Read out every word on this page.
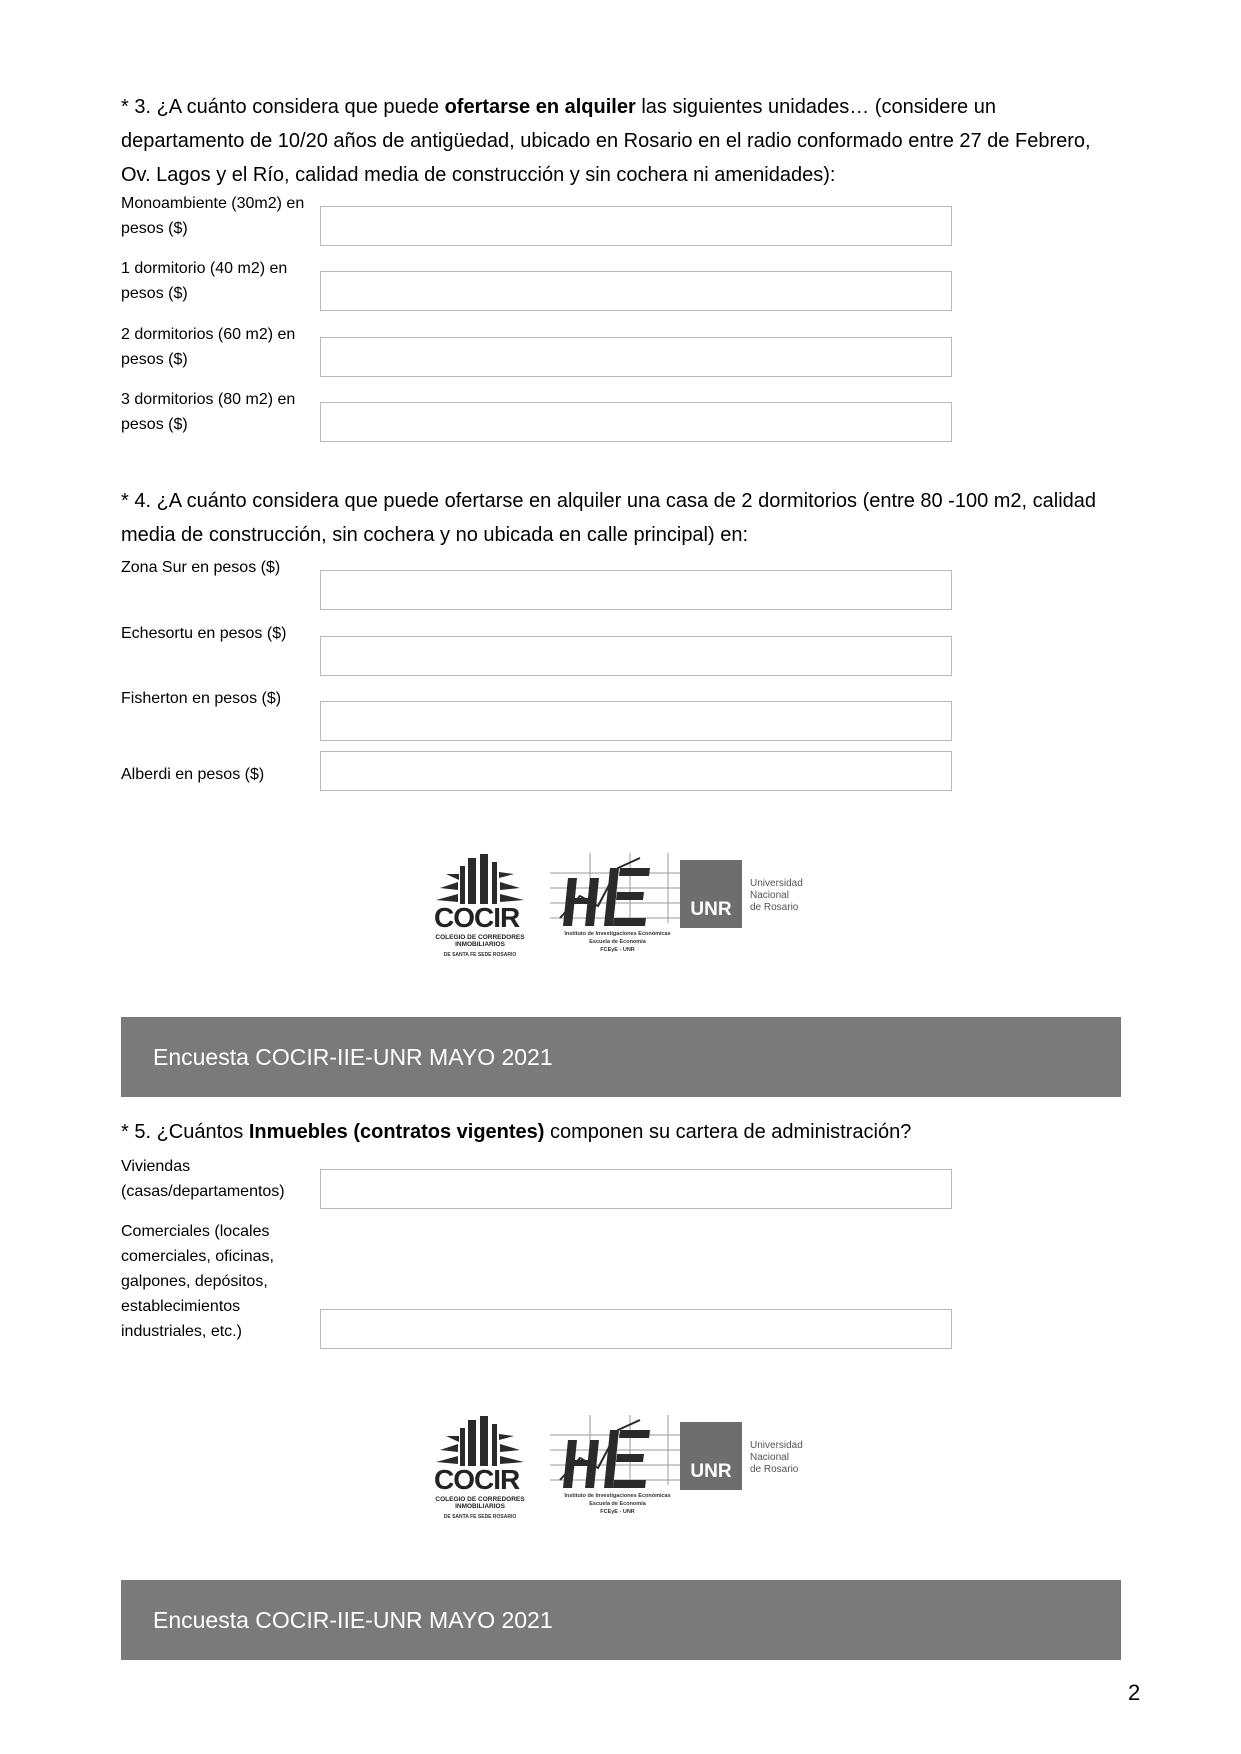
* 3. ¿A cuánto considera que puede ofertarse en alquiler las siguientes unidades… (considere un departamento de 10/20 años de antigüedad, ubicado en Rosario en el radio conformado entre 27 de Febrero, Ov. Lagos y el Río, calidad media de construcción y sin cochera ni amenidades):

Monoambiente (30m2) en pesos ($)
1 dormitorio (40 m2) en pesos ($)
2 dormitorios (60 m2) en pesos ($)
3 dormitorios (80 m2) en pesos ($)

* 4. ¿A cuánto considera que puede ofertarse en alquiler una casa de 2 dormitorios (entre 80 -100 m2, calidad media de construcción, sin cochera y no ubicada en calle principal) en:

Zona Sur en pesos ($)
Echesortu en pesos ($)
Fisherton en pesos ($)
Alberdi en pesos ($)
COCIR
COLEGIO DE CORREDORES
INMOBILIARIOS
DE SANTA FE SEDE ROSARIO
Instituto de Investigaciones Económicas
Escuela de Economía
FCEyE - UNR
UNR
Universidad
Nacional
de Rosario
Encuesta COCIR-IIE-UNR MAYO 2021

* 5. ¿Cuántos Inmuebles (contratos vigentes) componen su cartera de administración?

Viviendas (casas/departamentos)
Comerciales (locales comerciales, oficinas, galpones, depósitos, establecimientos industriales, etc.)
COCIR
COLEGIO DE CORREDORES
INMOBILIARIOS
DE SANTA FE SEDE ROSARIO
Instituto de Investigaciones Económicas
Escuela de Economía
FCEyE - UNR
UNR
Universidad
Nacional
de Rosario
Encuesta COCIR-IIE-UNR MAYO 2021
2
